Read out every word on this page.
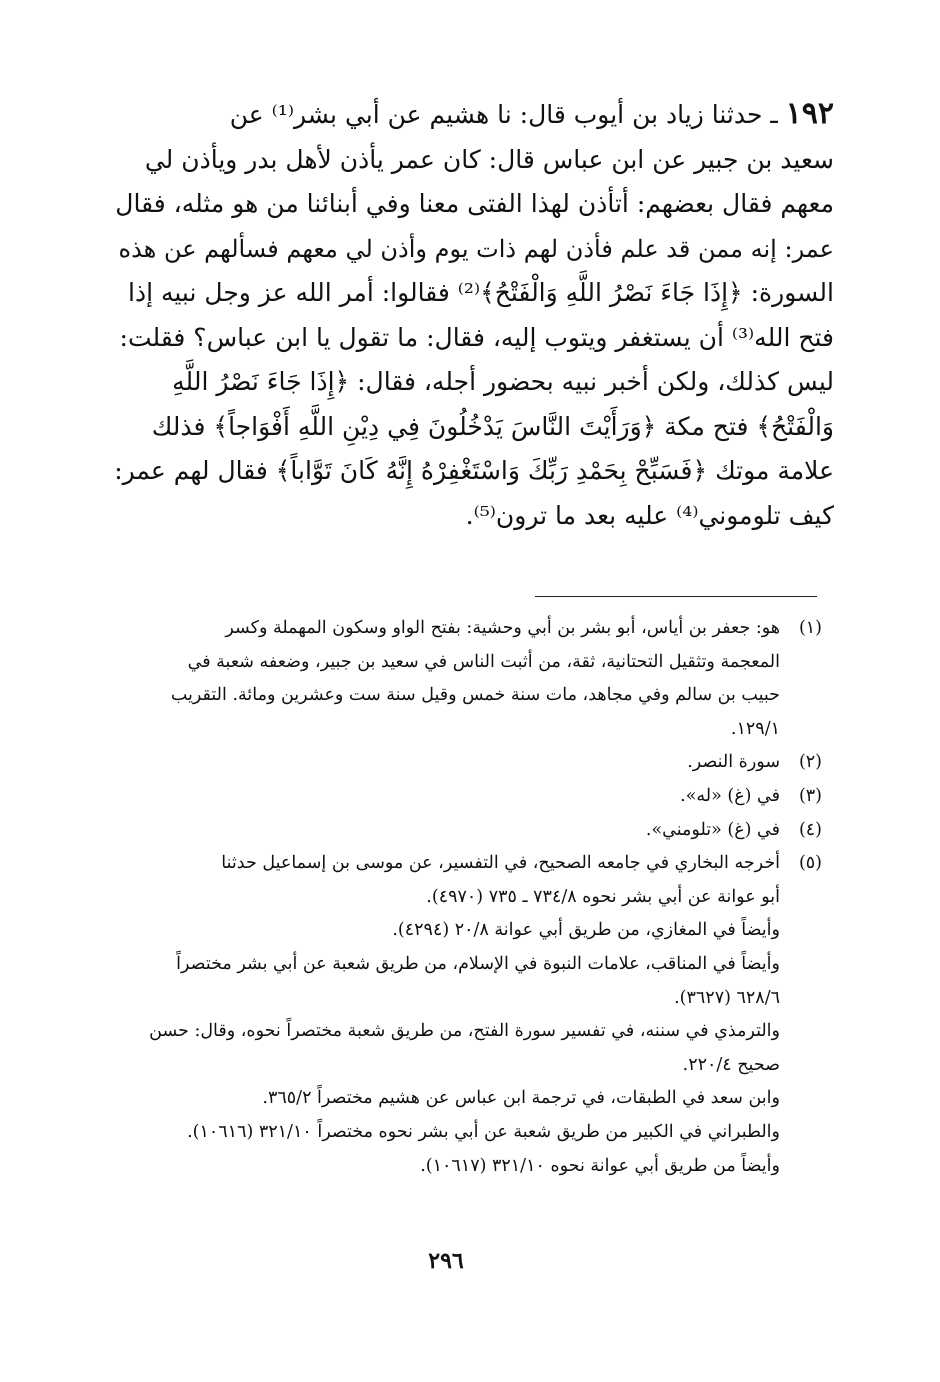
١٩٢ ـ حدثنا زياد بن أيوب قال: نا هشيم عن أبي بشر⁽¹⁾ عن
سعيد بن جبير عن ابن عباس قال: كان عمر يأذن لأهل بدر ويأذن لي
معهم فقال بعضهم: أتأذن لهذا الفتى معنا وفي أبنائنا من هو مثله، فقال
عمر: إنه ممن قد علم فأذن لهم ذات يوم وأذن لي معهم فسألهم عن هذه
السورة: ﴿إِذَا جَاءَ نَصْرُ اللَّهِ وَالْفَتْحُ﴾⁽²⁾ فقالوا: أمر الله عز وجل نبيه إذا
فتح الله⁽³⁾ أن يستغفر ويتوب إليه، فقال: ما تقول يا ابن عباس؟ فقلت:
ليس كذلك، ولكن أخبر نبيه بحضور أجله، فقال: ﴿إِذَا جَاءَ نَصْرُ اللَّهِ
وَالْفَتْحُ﴾ فتح مكة ﴿وَرَأَيْتَ النَّاسَ يَدْخُلُونَ فِي دِيْنِ اللَّهِ أَفْوَاجاً﴾ فذلك
علامة موتك ﴿فَسَبِّحْ بِحَمْدِ رَبِّكَ وَاسْتَغْفِرْهُ إِنَّهُ كَانَ تَوَّاباً﴾ فقال لهم عمر:
كيف تلوموني⁽⁴⁾ عليه بعد ما ترون⁽⁵⁾.
(١)
هو: جعفر بن أياس، أبو بشر بن أبي وحشية: بفتح الواو وسكون المهملة وكسر
المعجمة وتثقيل التحتانية، ثقة، من أثبت الناس في سعيد بن جبير، وضعفه شعبة في
حبيب بن سالم وفي مجاهد، مات سنة خمس وقيل سنة ست وعشرين ومائة. التقريب
١٢٩/١.
(٢)
سورة النصر.
(٣)
في (غ) «له».
(٤)
في (غ) «تلومني».
(٥)
أخرجه البخاري في جامعه الصحيح، في التفسير، عن موسى بن إسماعيل حدثنا
أبو عوانة عن أبي بشر نحوه ٧٣٤/٨ ـ ٧٣٥ (٤٩٧٠).
وأيضاً في المغازي، من طريق أبي عوانة ٢٠/٨ (٤٢٩٤).
وأيضاً في المناقب، علامات النبوة في الإسلام، من طريق شعبة عن أبي بشر مختصراً
٦٢٨/٦ (٣٦٢٧).
والترمذي في سننه، في تفسير سورة الفتح، من طريق شعبة مختصراً نحوه، وقال: حسن
صحيح ٢٢٠/٤.
وابن سعد في الطبقات، في ترجمة ابن عباس عن هشيم مختصراً ٣٦٥/٢.
والطبراني في الكبير من طريق شعبة عن أبي بشر نحوه مختصراً ٣٢١/١٠ (١٠٦١٦).
وأيضاً من طريق أبي عوانة نحوه ٣٢١/١٠ (١٠٦١٧).
٢٩٦
